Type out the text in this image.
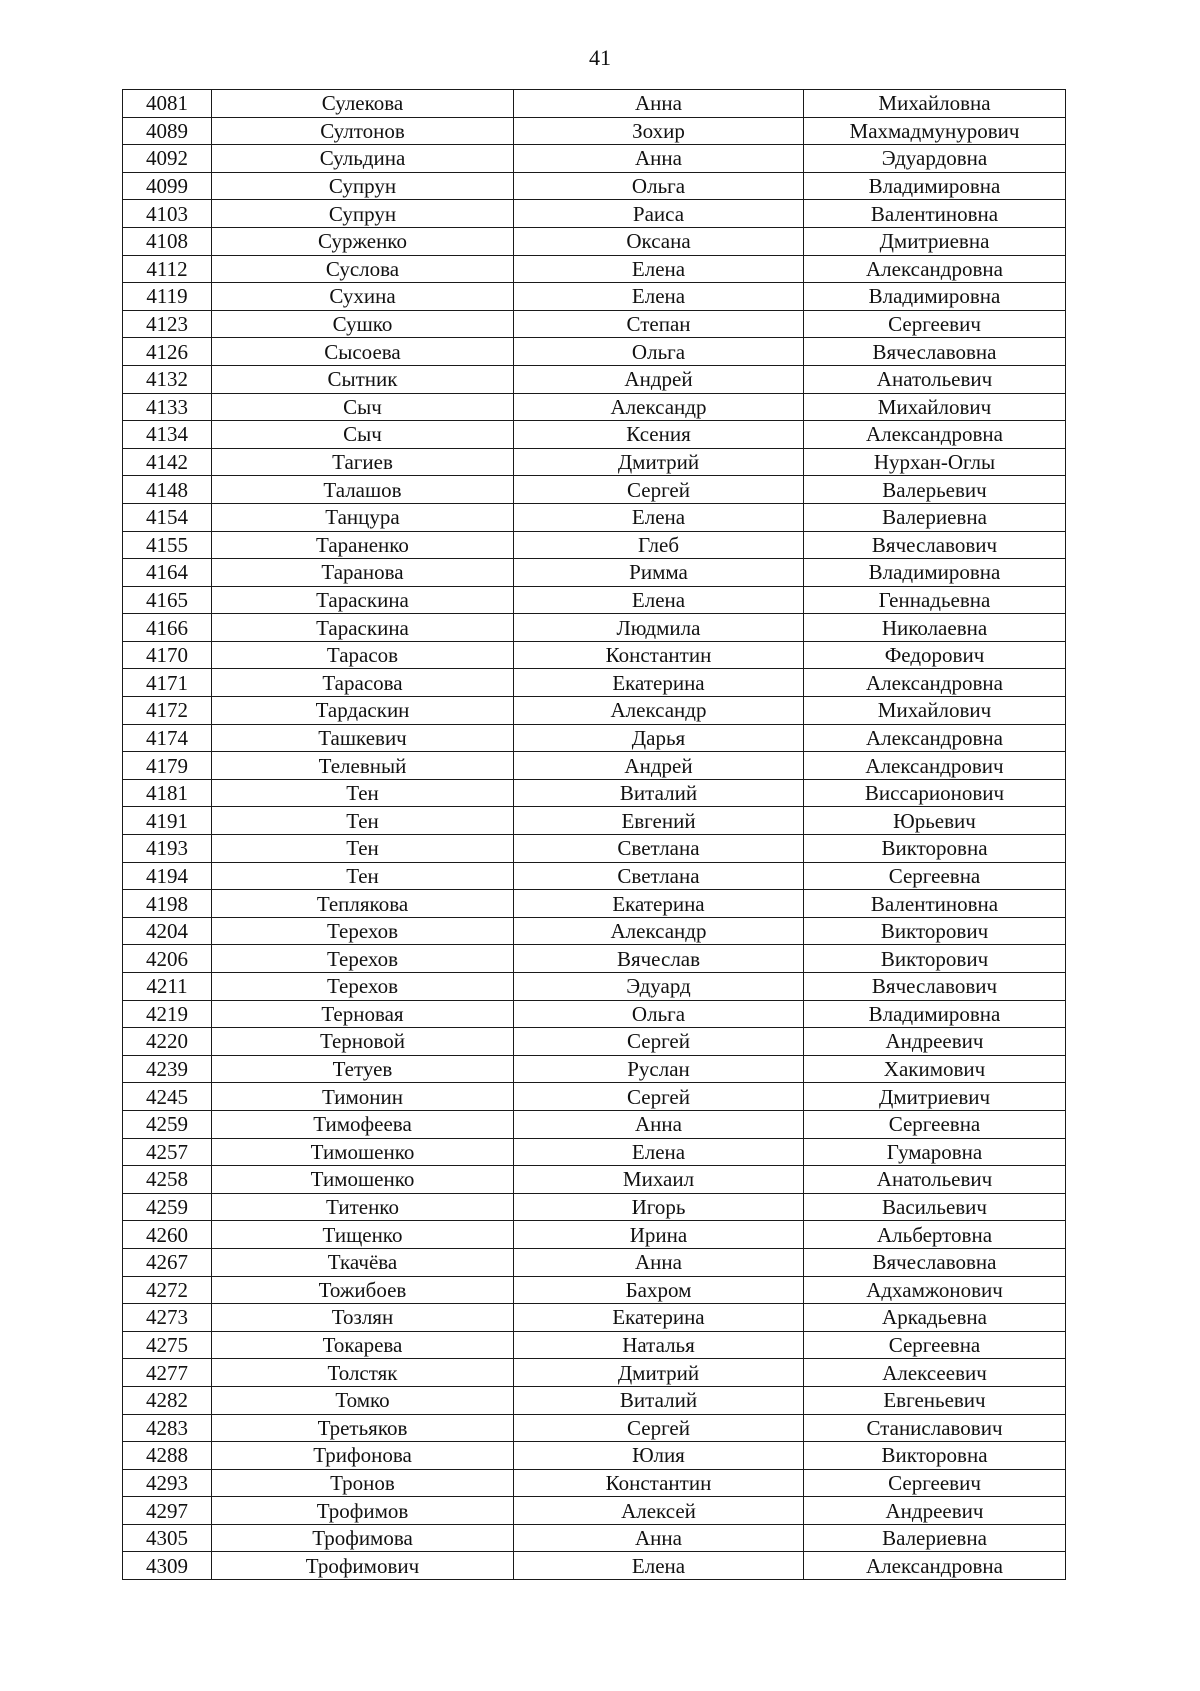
41
4081	Сулекова	Анна	Михайловна
4089	Султонов	Зохир	Махмадмунурович
4092	Сульдина	Анна	Эдуардовна
4099	Супрун	Ольга	Владимировна
4103	Супрун	Раиса	Валентиновна
4108	Сурженко	Оксана	Дмитриевна
4112	Суслова	Елена	Александровна
4119	Сухина	Елена	Владимировна
4123	Сушко	Степан	Сергеевич
4126	Сысоева	Ольга	Вячеславовна
4132	Сытник	Андрей	Анатольевич
4133	Сыч	Александр	Михайлович
4134	Сыч	Ксения	Александровна
4142	Тагиев	Дмитрий	Нурхан-Оглы
4148	Талашов	Сергей	Валерьевич
4154	Танцура	Елена	Валериевна
4155	Тараненко	Глеб	Вячеславович
4164	Таранова	Римма	Владимировна
4165	Тараскина	Елена	Геннадьевна
4166	Тараскина	Людмила	Николаевна
4170	Тарасов	Константин	Федорович
4171	Тарасова	Екатерина	Александровна
4172	Тардаскин	Александр	Михайлович
4174	Ташкевич	Дарья	Александровна
4179	Телевный	Андрей	Александрович
4181	Тен	Виталий	Виссарионович
4191	Тен	Евгений	Юрьевич
4193	Тен	Светлана	Викторовна
4194	Тен	Светлана	Сергеевна
4198	Теплякова	Екатерина	Валентиновна
4204	Терехов	Александр	Викторович
4206	Терехов	Вячеслав	Викторович
4211	Терехов	Эдуард	Вячеславович
4219	Терновая	Ольга	Владимировна
4220	Терновой	Сергей	Андреевич
4239	Тетуев	Руслан	Хакимович
4245	Тимонин	Сергей	Дмитриевич
4259	Тимофеева	Анна	Сергеевна
4257	Тимошенко	Елена	Гумаровна
4258	Тимошенко	Михаил	Анатольевич
4259	Титенко	Игорь	Васильевич
4260	Тищенко	Ирина	Альбертовна
4267	Ткачёва	Анна	Вячеславовна
4272	Тожибоев	Бахром	Адхамжонович
4273	Тозлян	Екатерина	Аркадьевна
4275	Токарева	Наталья	Сергеевна
4277	Толстяк	Дмитрий	Алексеевич
4282	Томко	Виталий	Евгеньевич
4283	Третьяков	Сергей	Станиславович
4288	Трифонова	Юлия	Викторовна
4293	Тронов	Константин	Сергеевич
4297	Трофимов	Алексей	Андреевич
4305	Трофимова	Анна	Валериевна
4309	Трофимович	Елена	Александровна
